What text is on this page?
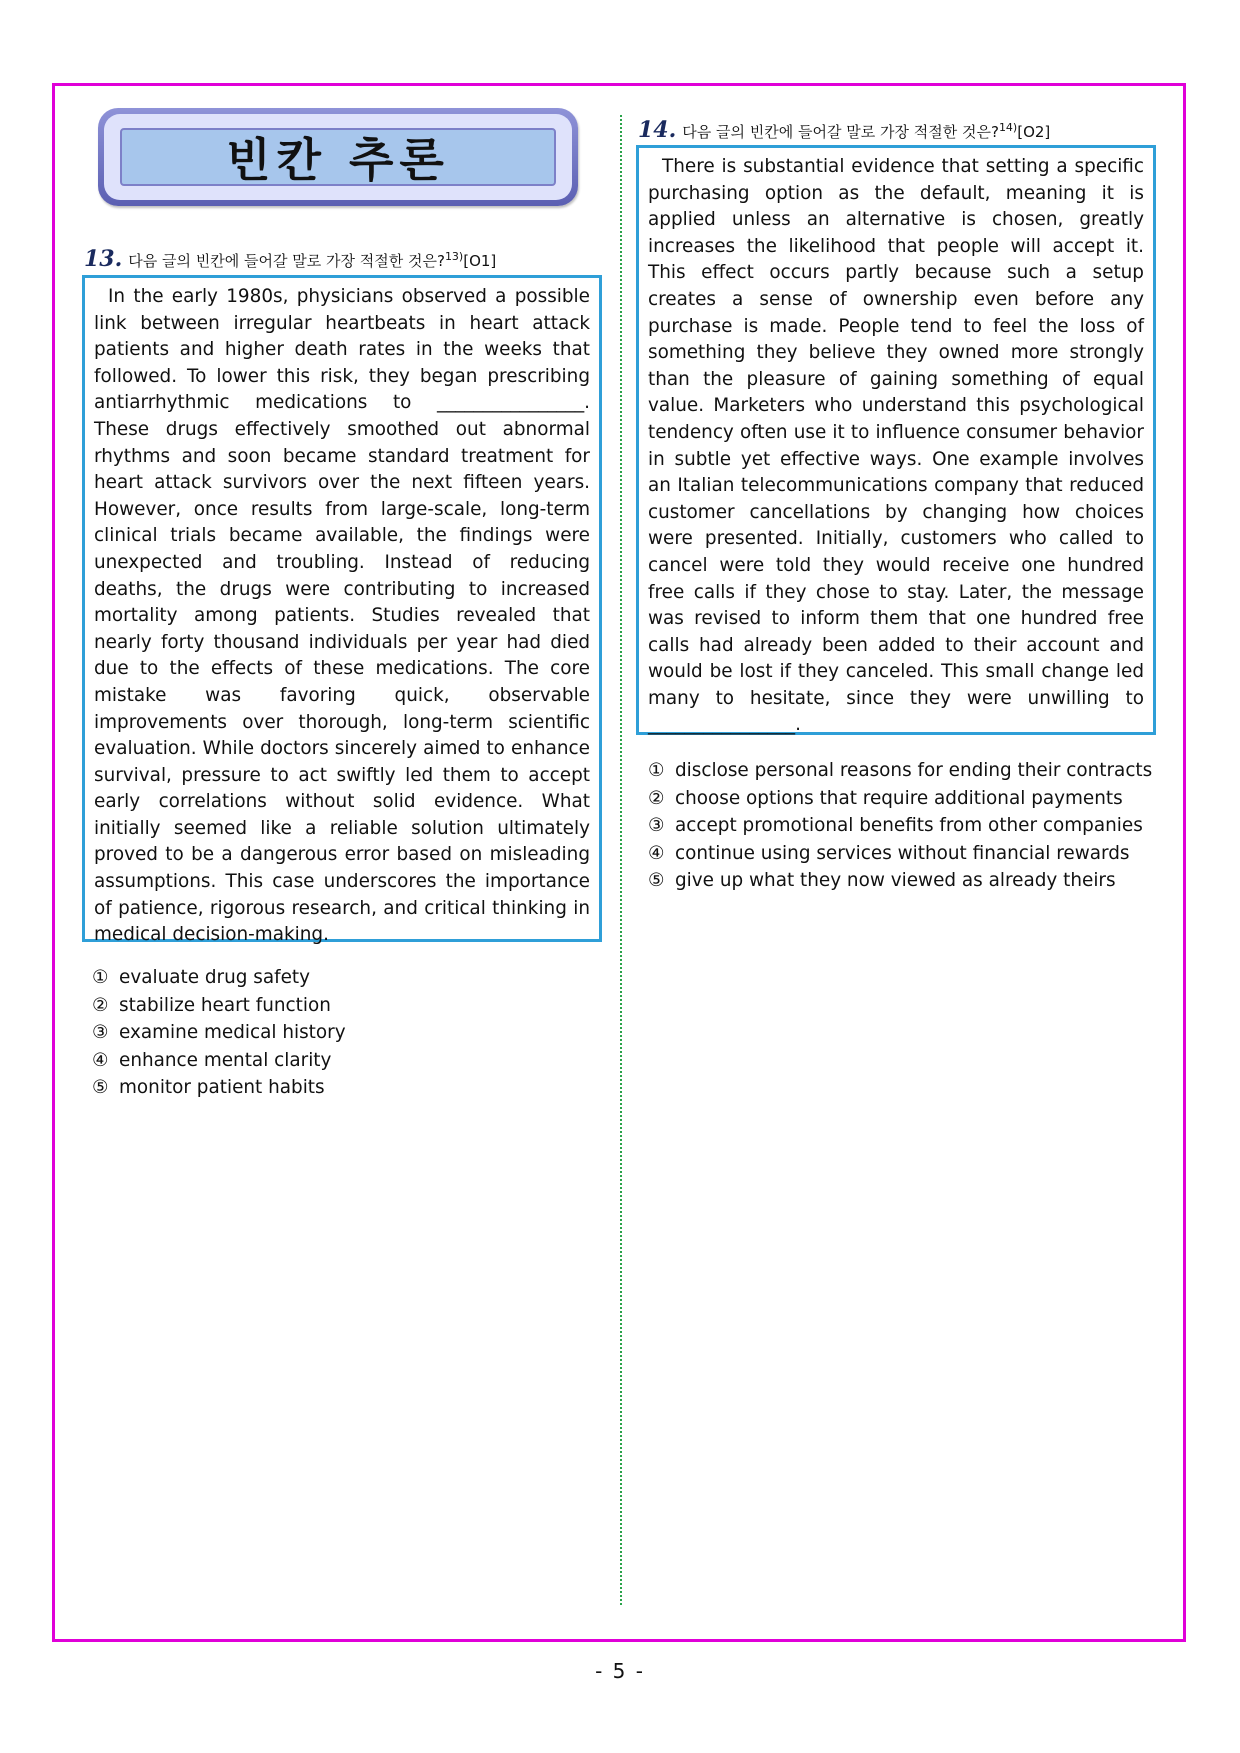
빈칸 추론
13. 다음 글의 빈칸에 들어갈 말로 가장 적절한 것은?$^{13)}$[O1]

In the early 1980s, physicians observed a possible link between irregular heartbeats in heart attack patients and higher death rates in the weeks that followed. To lower this risk, they began prescribing antiarrhythmic medications to ________________. These drugs effectively smoothed out abnormal rhythms and soon became standard treatment for heart attack survivors over the next fifteen years. However, once results from large-scale, long-term clinical trials became available, the findings were unexpected and troubling. Instead of reducing deaths, the drugs were contributing to increased mortality among patients. Studies revealed that nearly forty thousand individuals per year had died due to the effects of these medications. The core mistake was favoring quick, observable improvements over thorough, long-term scientific evaluation. While doctors sincerely aimed to enhance survival, pressure to act swiftly led them to accept early correlations without solid evidence. What initially seemed like a reliable solution ultimately proved to be a dangerous error based on misleading assumptions. This case underscores the importance of patience, rigorous research, and critical thinking in medical decision-making.

① evaluate drug safety
② stabilize heart function
③ examine medical history
④ enhance mental clarity
⑤ monitor patient habits
14. 다음 글의 빈칸에 들어갈 말로 가장 적절한 것은?$^{14)}$[O2]

There is substantial evidence that setting a specific purchasing option as the default, meaning it is applied unless an alternative is chosen, greatly increases the likelihood that people will accept it. This effect occurs partly because such a setup creates a sense of ownership even before any purchase is made. People tend to feel the loss of something they believe they owned more strongly than the pleasure of gaining something of equal value. Marketers who understand this psychological tendency often use it to influence consumer behavior in subtle yet effective ways. One example involves an Italian telecommunications company that reduced customer cancellations by changing how choices were presented. Initially, customers who called to cancel were told they would receive one hundred free calls if they chose to stay. Later, the message was revised to inform them that one hundred free calls had already been added to their account and would be lost if they canceled. This small change led many to hesitate, since they were unwilling to ________________.

① disclose personal reasons for ending their contracts
② choose options that require additional payments
③ accept promotional benefits from other companies
④ continue using services without financial rewards
⑤ give up what they now viewed as already theirs
- 5 -
